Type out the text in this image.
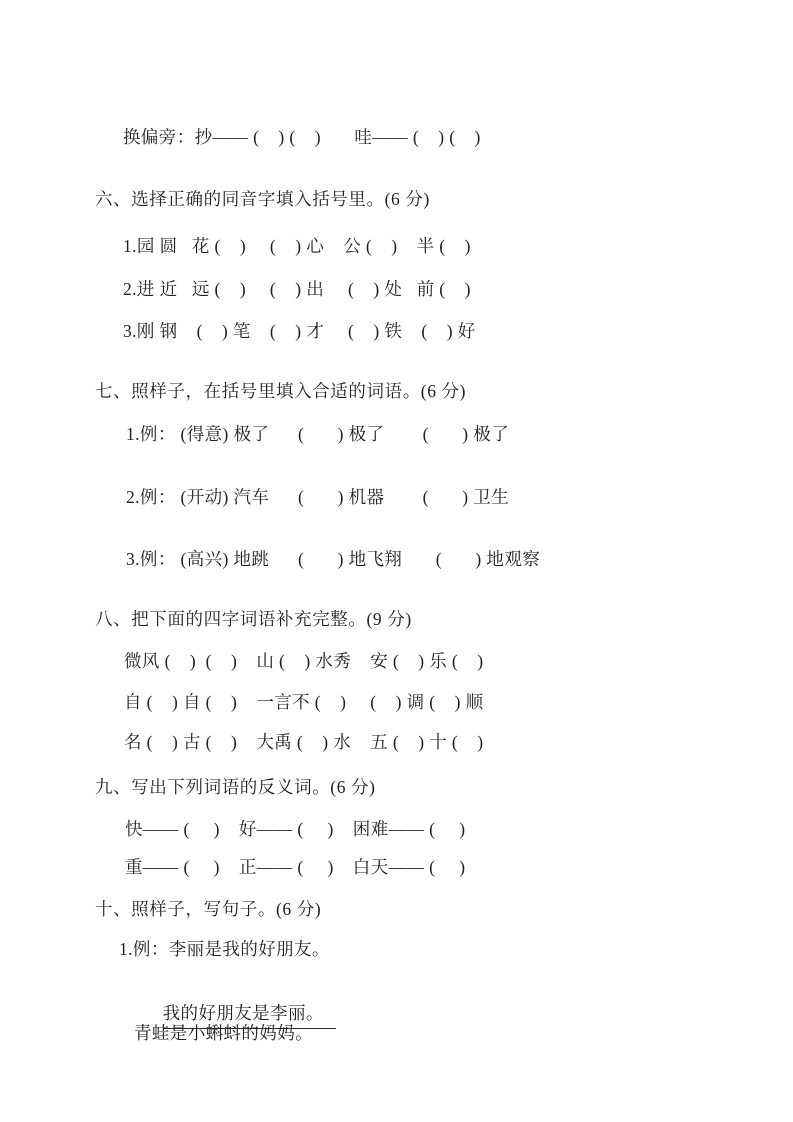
换偏旁：抄—— (    ) (    )       哇—— (    ) (    )
六、选择正确的同音字填入括号里。(6 分)
1.园 圆   花 (    )     (    ) 心    公 (    )    半 (    )
2.进 近   远 (    )     (    ) 出     (    ) 处   前 (    )
3.刚 钢    (    ) 笔    (    ) 才     (    ) 铁    (    ) 好
七、照样子，在括号里填入合适的词语。(6 分)
1.例： (得意) 极了      (       ) 极了        (       ) 极了
2.例： (开动) 汽车      (       ) 机器        (       ) 卫生
3.例： (高兴) 地跳      (       ) 地飞翔       (       ) 地观察
八、把下面的四字词语补充完整。(9 分)
微风 (    )  (    )    山 (    ) 水秀    安 (    ) 乐 (    )
自 (    ) 自 (    )    一言不 (    )     (    ) 调 (    ) 顺
名 (    ) 古 (    )    大禹 (    ) 水    五 (    ) 十 (    )
九、写出下列词语的反义词。(6 分)
快—— (     )    好—— (     )    困难—— (     )
重—— (     )    正—— (     )    白天—— (     )
十、照样子，写句子。(6 分)
1.例：李丽是我的好朋友。

我的好朋友是李丽。

青蛙是小蝌蚪的妈妈。
